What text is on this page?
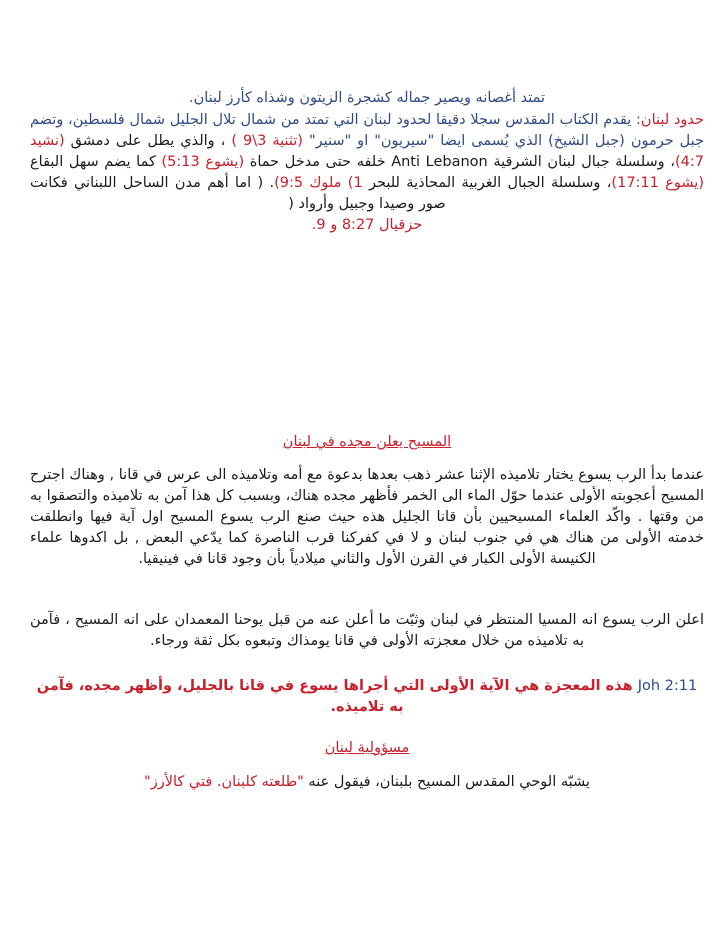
تمتد أغصانه ويصير جماله كشجرة الزيتون وشذاه كأرز لبنان.
حدود لبنان: يقدم الكتاب المقدس سجلا دقيقا لحدود لبنان التي تمتد من شمال تلال الجليل شمال فلسطين، وتضم جبل حرمون (جبل الشيخ) الذي يُسمى ايضا "سيريون" او "سنير" (تثنية 3\9 ) ، والذي يطل على دمشق (نشيد 4:7)، وسلسلة جبال لبنان الشرقية Anti Lebanon خلفه حتى مدخل حماة (يشوع 5:13) كما يضم سهل البقاع (يشوع 17:11)، وسلسلة الجبال الغربية المحاذية للبحر 1) ملوك 9:5). ( اما أهم مدن الساحل اللبناني فكانت صور وصيدا وجبيل وأرواد (
حزقيال 8:27 و 9.
المسيح يعلن مجده في لبنان
عندما بدأ الرب يسوع يختار تلاميذه الإثنا عشر ذهب بعدها بدعوة مع أمه وتلاميذه الى عرس في قانا , وهناك اجترح المسيح أعجوبته الأولى عندما حوّل الماء الى الخمر فأظهر مجده هناك، وبسبب كل هذا آمن به تلاميذه والتصقوا به من وقتها . واكّد العلماء المسيحيين بأن قانا الجليل هذه حيث صنع الرب يسوع المسيح اول آية فيها وانطلقت خدمته الأولى من هناك هي في جنوب لبنان و لا في كفركنا قرب الناصرة كما يدّعي البعض , بل اكدوها علماء الكنيسة الأولى الكبار في القرن الأول والثاني ميلادياً بأن وجود قانا في فينيقيا.
اعلن الرب يسوع انه المسيا المنتظر في لبنان وثبّت ما أعلن عنه من قبل يوحنا المعمدان على انه المسيح ، فآمن به تلاميذه من خلال معجزته الأولى في قانا يومذاك وتبعوه بكل ثقة ورجاء.
Joh 2:11 هذه المعجزة هي الآية الأولى التي أجراها يسوع في قانا بالجليل، وأظهر مجده، فآمن به تلاميذه.
مسؤولية لبنان
يشبّه الوحي المقدس المسيح بلبنان، فيقول عنه "طلعته كلبنان. فتي كالأرز"
